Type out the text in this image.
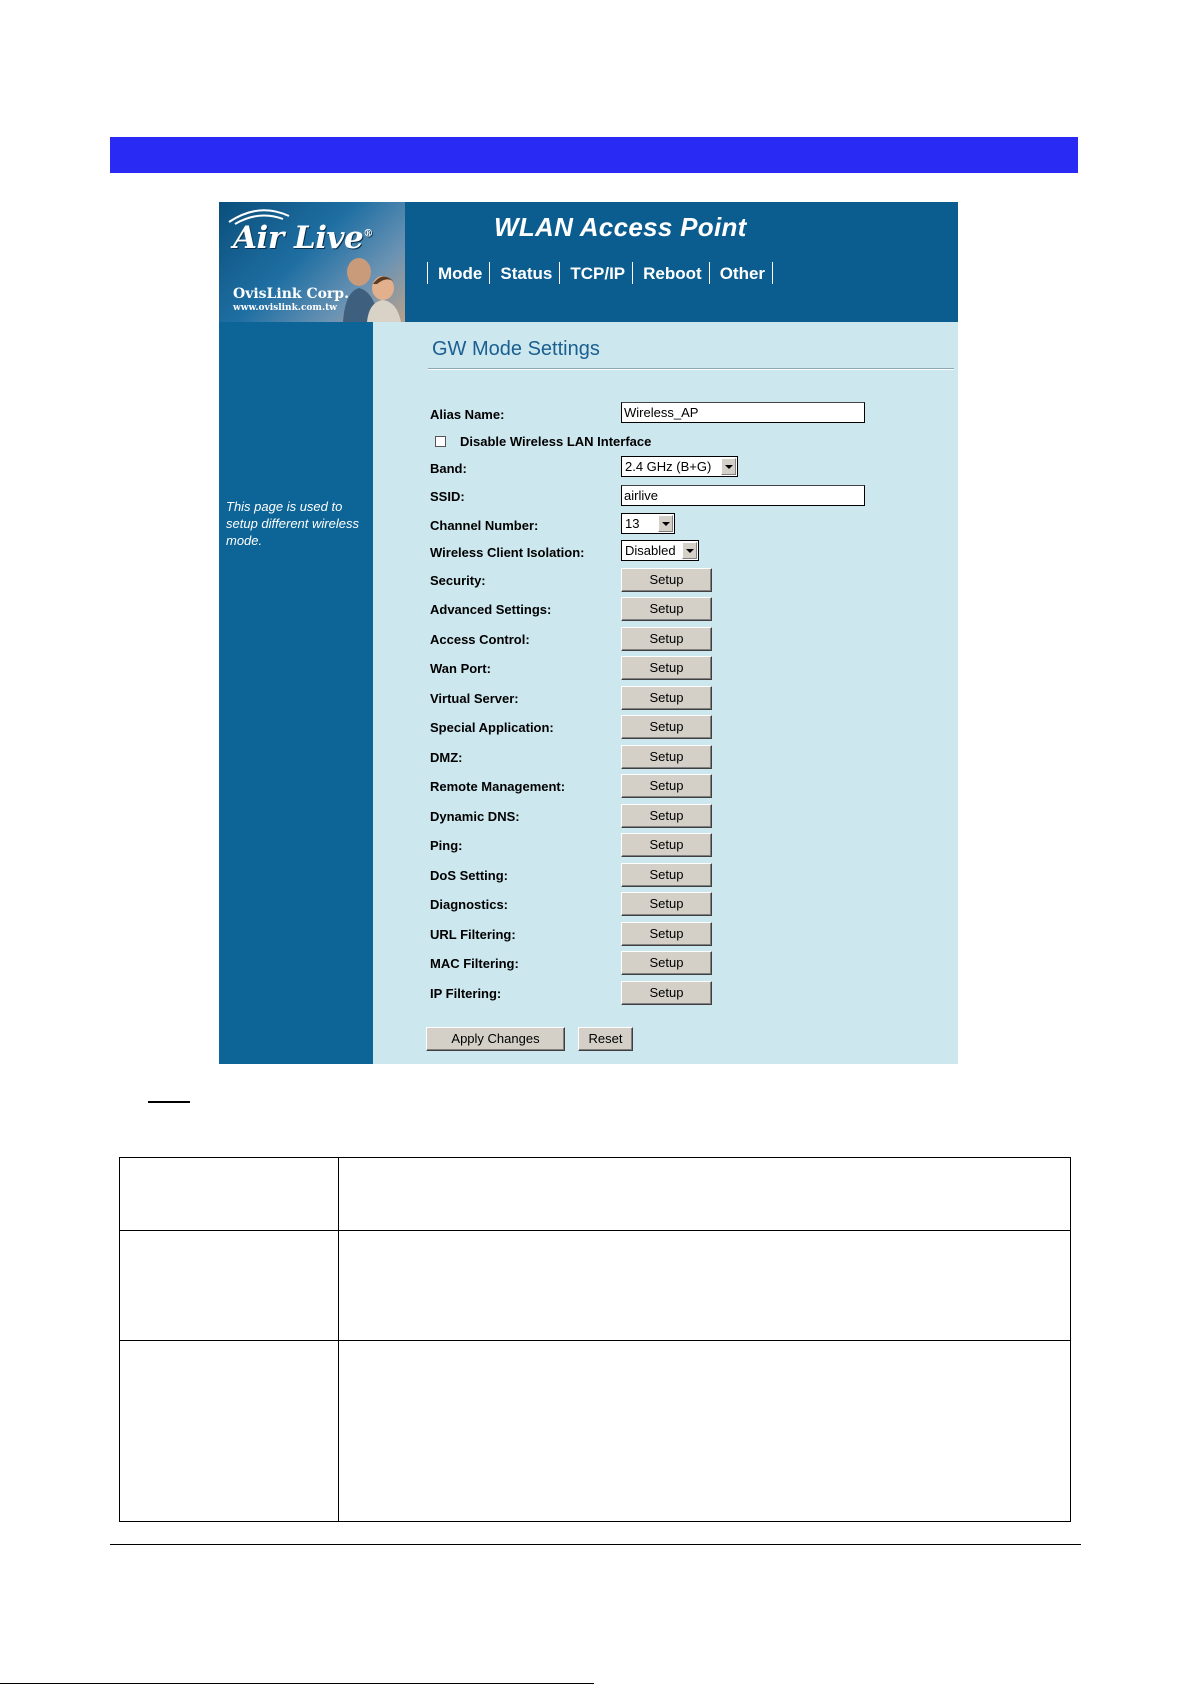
This page is used to setup different wireless mode.
Air Live®
OvisLink Corp.
www.ovislink.com.tw
WLAN Access Point
Mode	Status	TCP/IP	Reboot	Other
GW Mode Settings
Alias Name:	Wireless_AP
Disable Wireless LAN Interface
Band:	2.4 GHz (B+G)
SSID:	airlive
Channel Number:	13
Wireless Client Isolation:	Disabled
Security:	Setup
Advanced Settings:	Setup
Access Control:	Setup
Wan Port:	Setup
Virtual Server:	Setup
Special Application:	Setup
DMZ:	Setup
Remote Management:	Setup
Dynamic DNS:	Setup
Ping:	Setup
DoS Setting:	Setup
Diagnostics:	Setup
URL Filtering:	Setup
MAC Filtering:	Setup
IP Filtering:	Setup
Apply Changes	Reset
